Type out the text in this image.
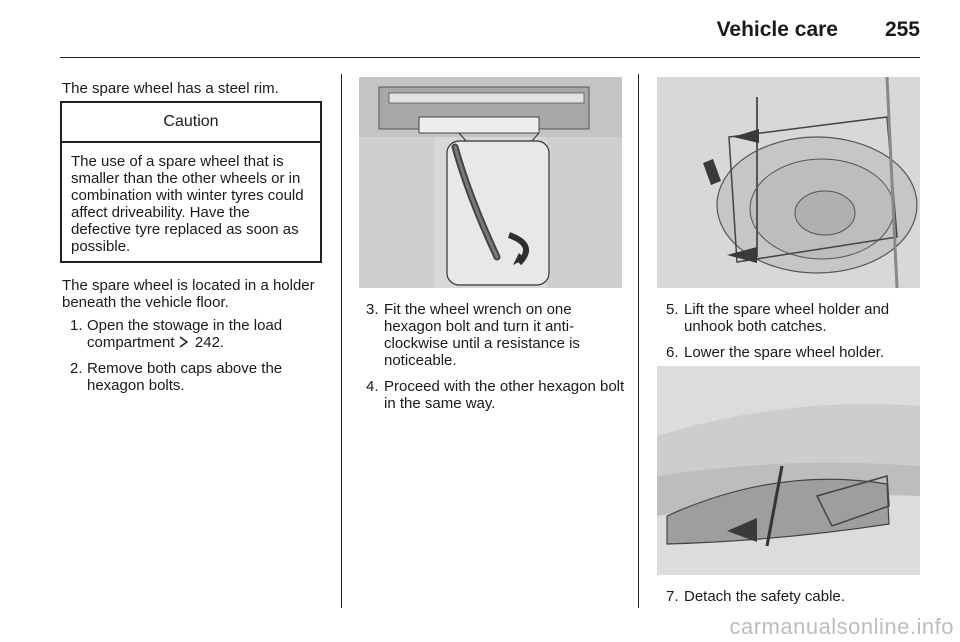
Vehicle care 255

The spare wheel has a steel rim.

Caution
The use of a spare wheel that is smaller than the other wheels or in combination with winter tyres could affect driveability. Have the defective tyre replaced as soon as possible.

The spare wheel is located in a holder beneath the vehicle floor.

1. Open the stowage in the load compartment 242.
2. Remove both caps above the hexagon bolts.
3. Fit the wheel wrench on one hexagon bolt and turn it anti-clockwise until a resistance is noticeable.
4. Proceed with the other hexagon bolt in the same way.
5. Lift the spare wheel holder and unhook both catches.
6. Lower the spare wheel holder.
7. Detach the safety cable.
carmanualsonline.info
